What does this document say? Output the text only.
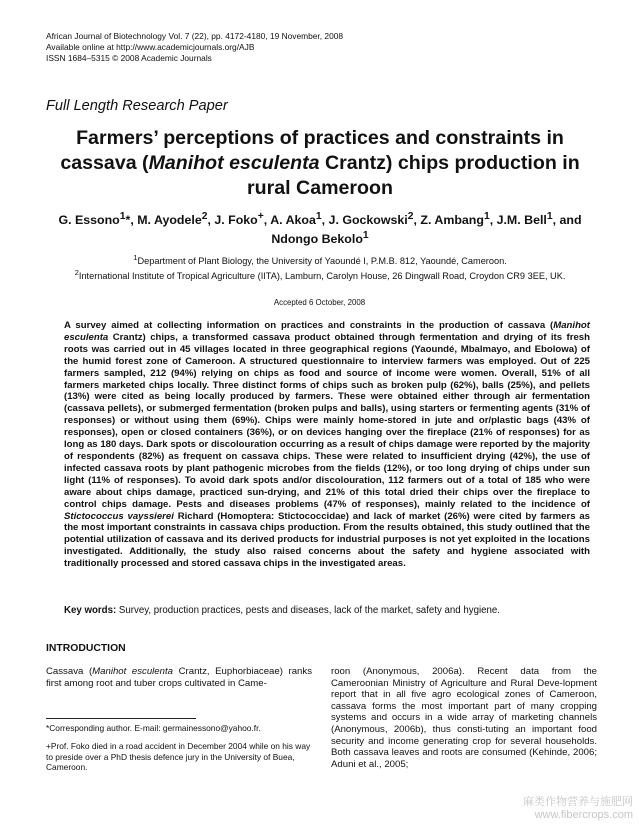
African Journal of Biotechnology Vol. 7 (22), pp. 4172-4180, 19 November, 2008
Available online at http://www.academicjournals.org/AJB
ISSN 1684–5315 © 2008 Academic Journals
Full Length Research Paper
Farmers’ perceptions of practices and constraints in cassava (Manihot esculenta Crantz) chips production in rural Cameroon
G. Essono$^1$*, M. Ayodele$^2$, J. Foko+, A. Akoa$^1$, J. Gockowski$^2$, Z. Ambang$^1$, J.M. Bell$^1$, and Ndongo Bekolo$^1$
$^1$Department of Plant Biology, the University of Yaoundé I, P.M.B. 812, Yaoundé, Cameroon.
$^2$International Institute of Tropical Agriculture (IITA), Lamburn, Carolyn House, 26 Dingwall Road, Croydon CR9 3EE, UK.
Accepted 6 October, 2008
A survey aimed at collecting information on practices and constraints in the production of cassava (Manihot esculenta Crantz) chips, a transformed cassava product obtained through fermentation and drying of its fresh roots was carried out in 45 villages located in three geographical regions (Yaoundé, Mbalmayo, and Ebolowa) of the humid forest zone of Cameroon. A structured questionnaire to interview farmers was employed. Out of 225 farmers sampled, 212 (94%) relying on chips as food and source of income were women. Overall, 51% of all farmers marketed chips locally. Three distinct forms of chips such as broken pulp (62%), balls (25%), and pellets (13%) were cited as being locally produced by farmers. These were obtained either through air fermentation (cassava pellets), or submerged fermentation (broken pulps and balls), using starters or fermenting agents (31% of responses) or without using them (69%). Chips were mainly home-stored in jute and or/plastic bags (43% of responses), open or closed containers (36%), or on devices hanging over the fireplace (21% of responses) for as long as 180 days. Dark spots or discolouration occurring as a result of chips damage were reported by the majority of respondents (82%) as frequent on cassava chips. These were related to insufficient drying (42%), the use of infected cassava roots by plant pathogenic microbes from the fields (12%), or too long drying of chips under sun light (11% of responses). To avoid dark spots and/or discolouration, 112 farmers out of a total of 185 who were aware about chips damage, practiced sun-drying, and 21% of this total dried their chips over the fireplace to control chips damage. Pests and diseases problems (47% of responses), mainly related to the incidence of Stictococcus vayssierei Richard (Homoptera: Stictococcidae) and lack of market (26%) were cited by farmers as the most important constraints in cassava chips production. From the results obtained, this study outlined that the potential utilization of cassava and its derived products for industrial purposes is not yet exploited in the locations investigated. Additionally, the study also raised concerns about the safety and hygiene associated with traditionally processed and stored cassava chips in the investigated areas.
Key words: Survey, production practices, pests and diseases, lack of the market, safety and hygiene.
INTRODUCTION
Cassava (Manihot esculenta Crantz, Euphorbiaceae) ranks first among root and tuber crops cultivated in Came-
roon (Anonymous, 2006a). Recent data from the Cameroonian Ministry of Agriculture and Rural Deve-lopment report that in all five agro ecological zones of Cameroon, cassava forms the most important part of many cropping systems and occurs in a wide array of marketing channels (Anonymous, 2006b), thus consti-tuting an important food security and income generating crop for several households. Both cassava leaves and roots are consumed (Kehinde, 2006; Aduni et al., 2005;
*Corresponding author. E-mail: germainessono@yahoo.fr.
+Prof. Foko died in a road accident in December 2004 while on his way to preside over a PhD thesis defence jury in the University of Buea, Cameroon.
麻类作物营养与施肥网
www.fibercrops.com
